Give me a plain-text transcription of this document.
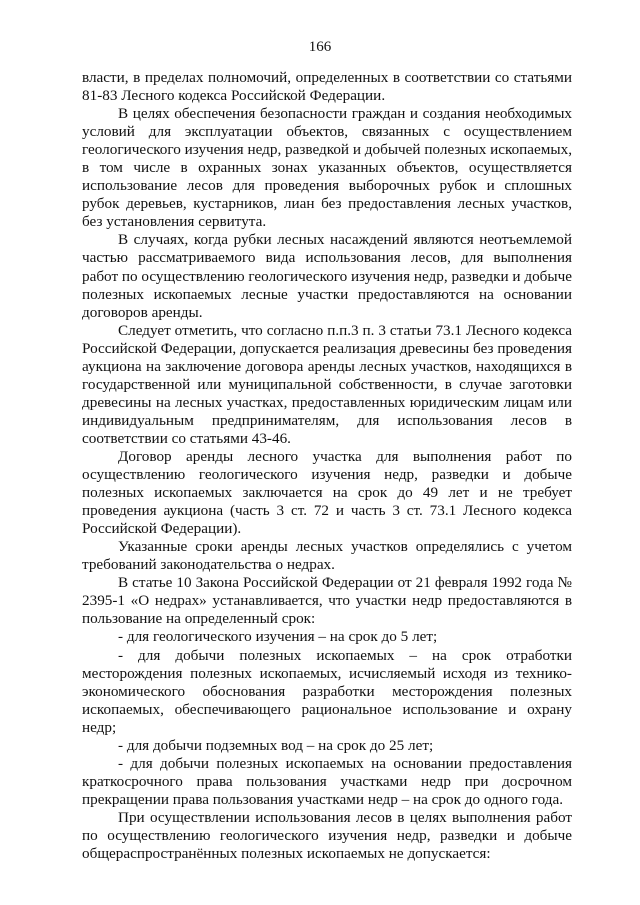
166

власти, в пределах полномочий, определенных в соответствии со статьями 81-83 Лесного кодекса Российской Федерации.

В целях обеспечения безопасности граждан и создания необходимых условий для эксплуатации объектов, связанных с осуществлением геологического изучения недр, разведкой и добычей полезных ископаемых, в том числе в охранных зонах указанных объектов, осуществляется использование лесов для проведения выборочных рубок и сплошных рубок деревьев, кустарников, лиан без предоставления лесных участков, без установления сервитута.

В случаях, когда рубки лесных насаждений являются неотъемлемой частью рассматриваемого вида использования лесов, для выполнения работ по осуществлению геологического изучения недр, разведки и добыче полезных ископаемых лесные участки предоставляются на основании договоров аренды.

Следует отметить, что согласно п.п.3 п. 3 статьи 73.1 Лесного кодекса Российской Федерации, допускается реализация древесины без проведения аукциона на заключение договора аренды лесных участков, находящихся в государственной или муниципальной собственности, в случае заготовки древесины на лесных участках, предоставленных юридическим лицам или индивидуальным предпринимателям, для использования лесов в соответствии со статьями 43-46.

Договор аренды лесного участка для выполнения работ по осуществлению геологического изучения недр, разведки и добыче полезных ископаемых заключается на срок до 49 лет и не требует проведения аукциона (часть 3 ст. 72 и часть 3 ст. 73.1 Лесного кодекса Российской Федерации).

Указанные сроки аренды лесных участков определялись с учетом требований законодательства о недрах.

В статье 10 Закона Российской Федерации от 21 февраля 1992 года № 2395-1 «О недрах» устанавливается, что участки недр предоставляются в пользование на определенный срок:

- для геологического изучения – на срок до 5 лет;

- для добычи полезных ископаемых – на срок отработки месторождения полезных ископаемых, исчисляемый исходя из технико-экономического обоснования разработки месторождения полезных ископаемых, обеспечивающего рациональное использование и охрану недр;

- для добычи подземных вод – на срок до 25 лет;

- для добычи полезных ископаемых на основании предоставления краткосрочного права пользования участками недр при досрочном прекращении права пользования участками недр – на срок до одного года.

При осуществлении использования лесов в целях выполнения работ по осуществлению геологического изучения недр, разведки и добыче общераспространённых полезных ископаемых не допускается:
